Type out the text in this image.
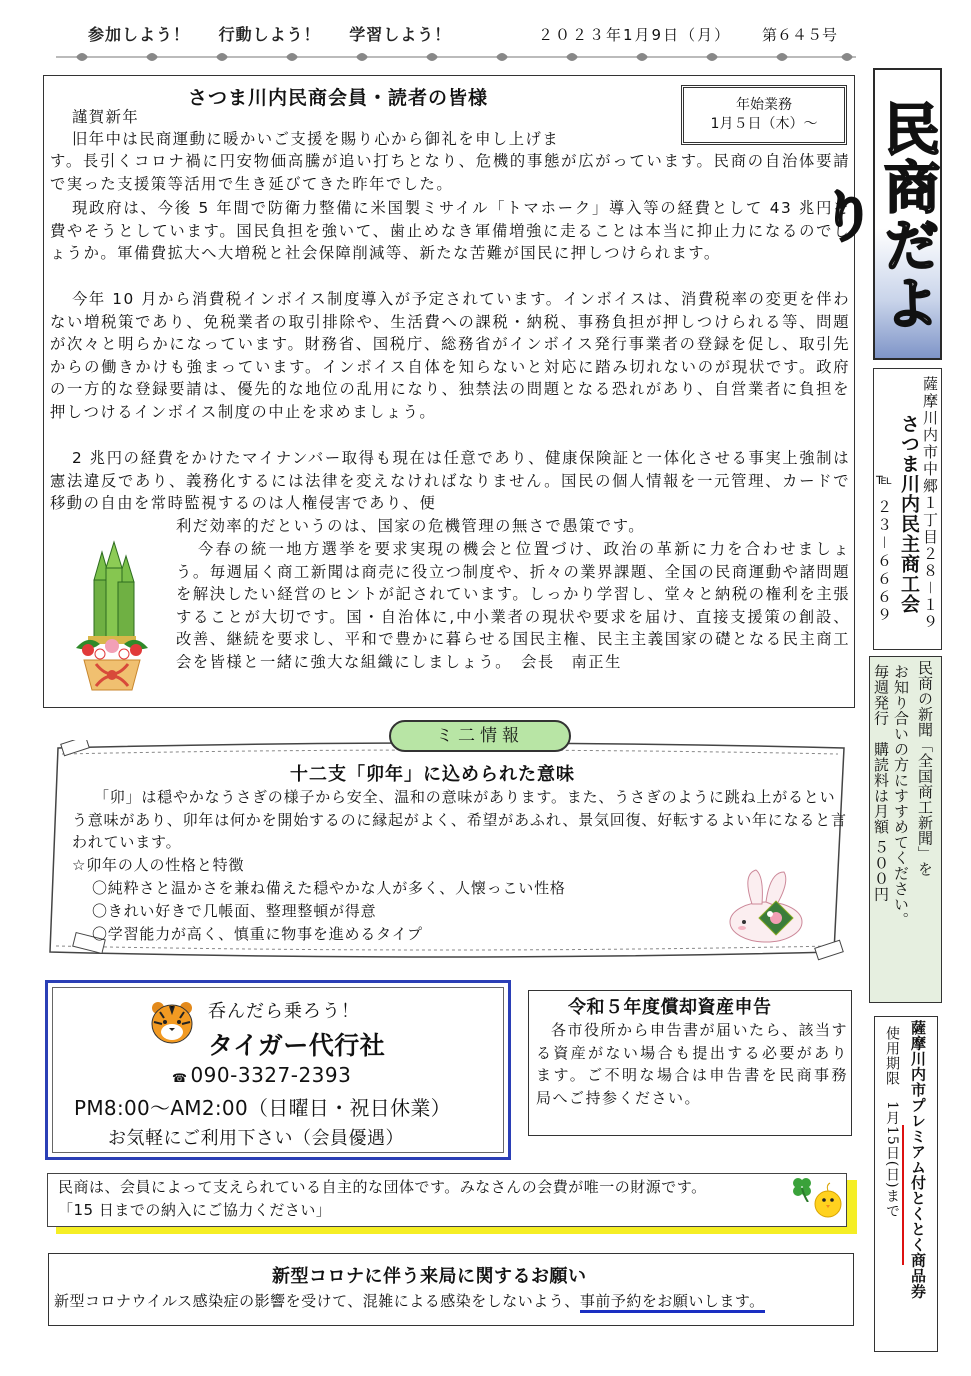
参加しよう！ 行動しよう！ 学習しよう！	２０２３年1月9日（月） 第６４５号
さつま川内民商会員・読者の皆様	年始業務
1月５日（木）～
謹賀新年
旧年中は民商運動に暖かいご支援を賜り心から御礼を申し上げま
す。長引くコロナ禍に円安物価高騰が追い打ちとなり、危機的事態が広がっています。民商の自治体要請で実った支援策等活用で生き延びてきた昨年でした。
現政府は、今後 5 年間で防衛力整備に米国製ミサイル「トマホーク」導入等の経費として 43 兆円を費やそうとしています。国民負担を強いて、歯止めなき軍備増強に走ることは本当に抑止力になるのでしょうか。軍備費拡大へ大増税と社会保障削減等、新たな苦難が国民に押しつけられます。
今年 10 月から消費税インボイス制度導入が予定されています。インボイスは、消費税率の変更を伴わない増税策であり、免税業者の取引排除や、生活費への課税・納税、事務負担が押しつけられる等、問題が次々と明らかになっています。財務省、国税庁、総務省がインボイス発行事業者の登録を促し、取引先からの働きかけも強まっています。インボイス自体を知らないと対応に踏み切れないのが現状です。政府の一方的な登録要請は、優先的な地位の乱用になり、独禁法の問題となる恐れがあり、自営業者に負担を押しつけるインボイス制度の中止を求めましょう。
2 兆円の経費をかけたマイナンバー取得も現在は任意であり、健康保険証と一体化させる事実上強制は憲法違反であり、義務化するには法律を変えなければなりません。国民の個人情報を一元管理、カードで移動の自由を常時監視するのは人権侵害であり、便
利だ効率的だというのは、国家の危機管理の無さで愚策です。
今春の統一地方選挙を要求実現の機会と位置づけ、政治の革新に力を合わせましょう。毎週届く商工新聞は商売に役立つ制度や、折々の業界課題、全国の民商運動や諸問題を解決したい経営のヒントが記されています。しっかり学習し、堂々と納税の権利を主張することが大切です。国・自治体に,中小業者の現状や要求を届け、直接支援策の創設、改善、継続を要求し、平和で豊かに暮らせる国民主権、民主主義国家の礎となる民主商工会を皆様と一緒に強大な組織にしましょう。　会長　南正生
民商だより
薩摩川内市中郷１丁目２８－１９
さつま川内民主商工会
℡ ２３－６６６９
民商の新聞「全国商工新聞」を
お知り合いの方にすすめてください。
毎週発行　購読料は月額 ５００円
薩摩川内市プレミアム付とくとく商品券
使用期限　1月15日(日)まで
ミ二情報
十二支「卯年」に込められた意味
「卯」は穏やかなうさぎの様子から安全、温和の意味があります。また、うさぎのように跳ね上がるという意味があり、卯年は何かを開始するのに縁起がよく、希望があふれ、景気回復、好転するよい年になると言われています。
☆卯年の人の性格と特徴
〇純粋さと温かさを兼ね備えた穏やかな人が多く、人懐っこい性格
〇きれい好きで几帳面、整理整頓が得意
〇学習能力が高く、慎重に物事を進めるタイプ
呑んだら乗ろう！
タイガー代行社
☎ 090-3327-2393
PM8:00～AM2:00（日曜日・祝日休業）
お気軽にご利用下さい（会員優遇）
令和５年度償却資産申告
各市役所から申告書が届いたら、該当する資産がない場合も提出する必要があります。ご不明な場合は申告書を民商事務局へご持参ください。
民商は、会員によって支えられている自主的な団体です。みなさんの会費が唯一の財源です。
「15 日までの納入にご協力ください」
新型コロナに伴う来局に関するお願い
新型コロナウイルス感染症の影響を受けて、混雑による感染をしないよう、事前予約をお願いします。
